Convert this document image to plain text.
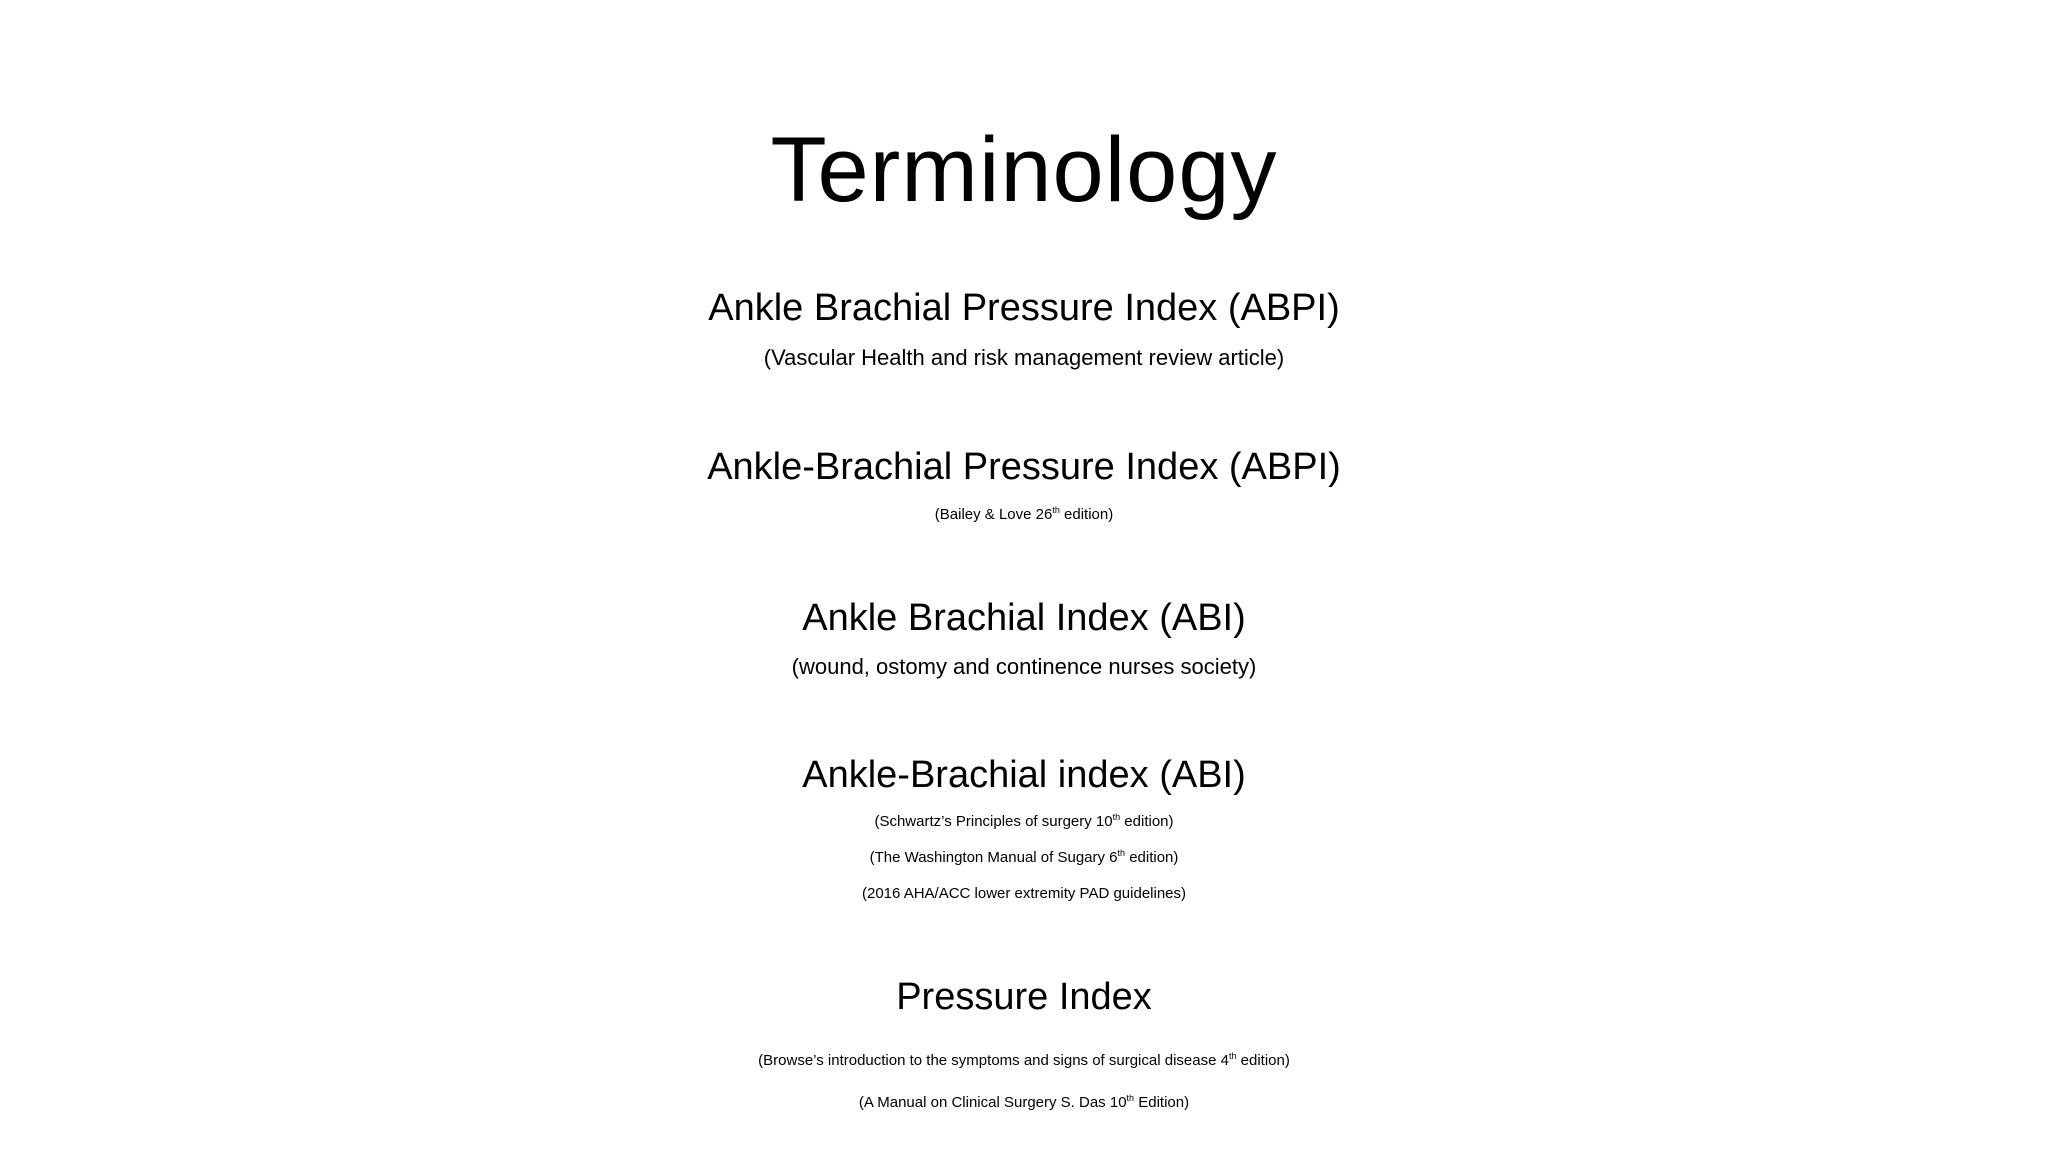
Terminology
Ankle Brachial Pressure Index (ABPI)
(Vascular Health and risk management review article)
Ankle-Brachial Pressure Index (ABPI)
(Bailey & Love 26th edition)
Ankle Brachial Index (ABI)
(wound, ostomy and continence nurses society)
Ankle-Brachial index (ABI)
(Schwartz’s Principles of surgery 10th edition)
(The Washington Manual of Sugary 6th edition)
(2016 AHA/ACC lower extremity PAD guidelines)
Pressure Index
(Browse’s introduction to the symptoms and signs of surgical disease 4th edition)
(A Manual on Clinical Surgery S. Das 10th Edition)
